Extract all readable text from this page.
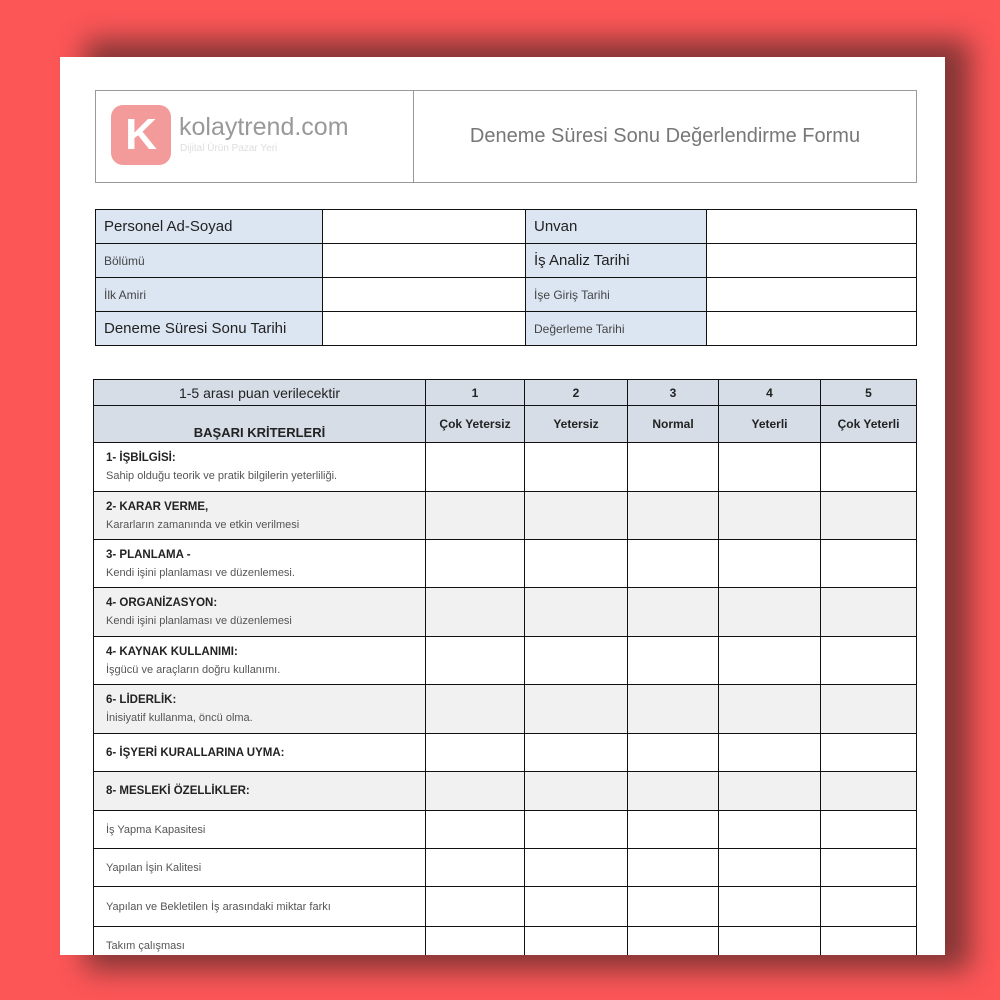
K kolaytrend.com
Dijital Ürün Pazar Yeri
Deneme Süresi Sonu Değerlendirme Formu
Personel Ad-Soyad		Unvan	
Bölümü		İş Analiz Tarihi	
İlk Amiri		İşe Giriş Tarihi	
Deneme Süresi Sonu Tarihi		Değerleme Tarihi	
1-5 arası puan verilecektir	1	2	3	4	5
BAŞARI KRİTERLERİ	Çok Yetersiz	Yetersiz	Normal	Yeterli	Çok Yeterli

1- İŞBİLGİSİ:
Sahip olduğu teorik ve pratik bilgilerin yeterliliği.					

2- KARAR VERME,
Kararların zamanında ve etkin verilmesi					

3- PLANLAMA -
Kendi işini planlaması ve düzenlemesi.					

4- ORGANİZASYON:
Kendi işini planlaması ve düzenlemesi					

4- KAYNAK KULLANIMI:
İşgücü ve araçların doğru kullanımı.					

6- LİDERLİK:
İnisiyatif kullanma, öncü olma.					

6- İŞYERİ KURALLARINA UYMA:					

8- MESLEKİ ÖZELLİKLER:					

İş Yapma Kapasitesi					
Yapılan İşin Kalitesi					
Yapılan ve Bekletilen İş arasındaki miktar farkı					
Takım çalışması					
